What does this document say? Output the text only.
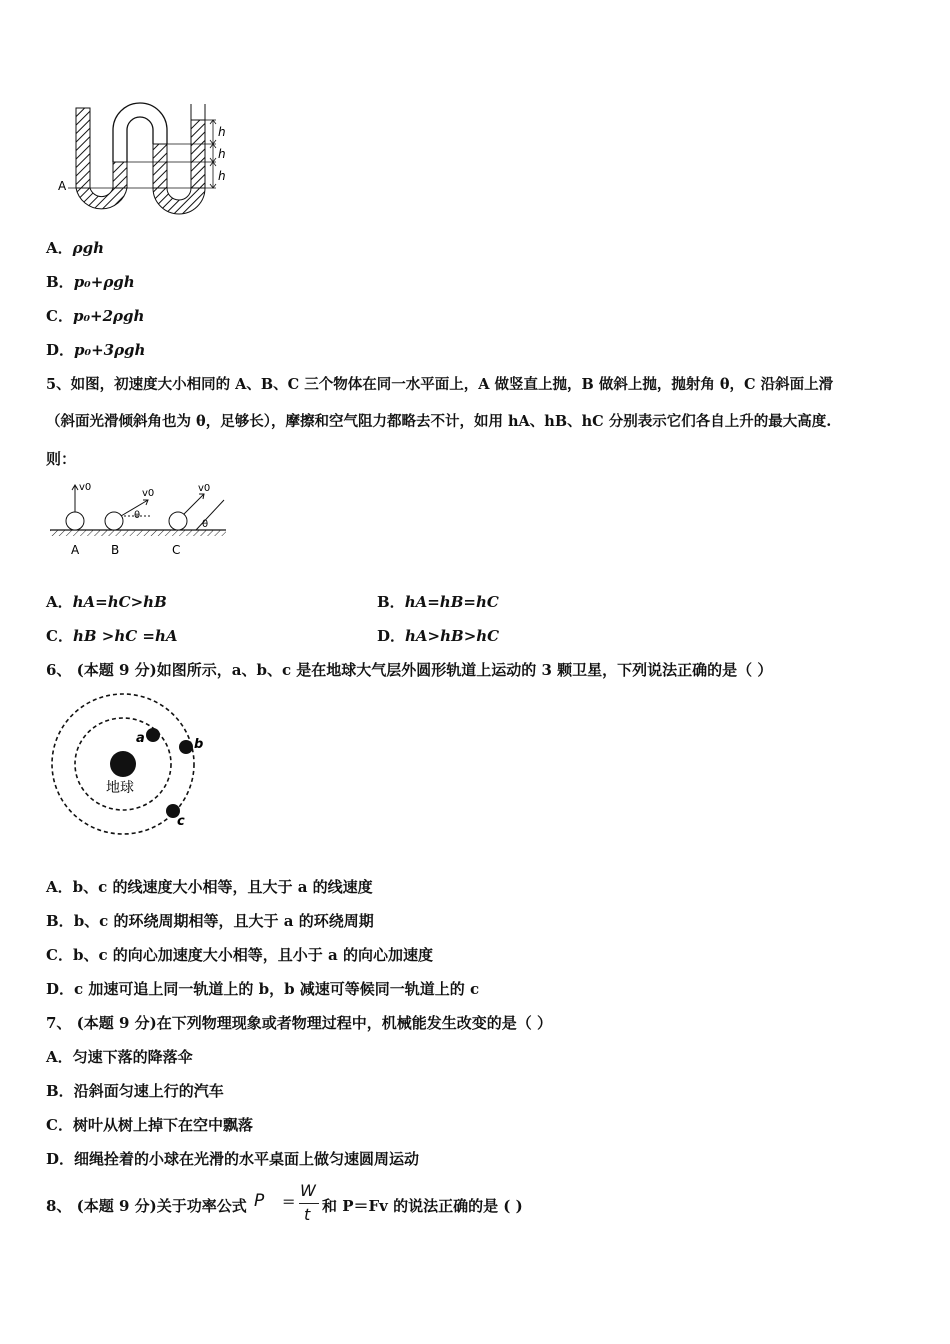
h
h
h
A
A．ρgh
B．p₀+ρgh
C．p₀+2ρgh
D．p₀+3ρgh
5、如图，初速度大小相同的 A、B、C 三个物体在同一水平面上，A 做竖直上抛，B 做斜上抛，抛射角 θ，C 沿斜面上滑
（斜面光滑倾斜角也为 θ，足够长），摩擦和空气阻力都略去不计，如用 hA、hB、hC 分别表示它们各自上升的最大高度.
则：
v0
v0
θ
v0
θ
A	B	C
A．hA=hC>hB	B．hA=hB=hC
C．hB >hC =hA	D．hA>hB>hC
6、 (本题 9 分)如图所示，a、b、c 是在地球大气层外圆形轨道上运动的 3 颗卫星，下列说法正确的是（ ）
地球
a	b
c
A．b、c 的线速度大小相等，且大于 a 的线速度
B．b、c 的环绕周期相等，且大于 a 的环绕周期
C．b、c 的向心加速度大小相等，且小于 a 的向心加速度
D．c 加速可追上同一轨道上的 b，b 减速可等候同一轨道上的 c
7、 (本题 9 分)在下列物理现象或者物理过程中，机械能发生改变的是（ ）
A．匀速下落的降落伞
B．沿斜面匀速上行的汽车
C．树叶从树上掉下在空中飘落
D．细绳拴着的小球在光滑的水平桌面上做匀速圆周运动
8、 (本题 9 分)关于功率公式 P =
W
t 和 P＝Fv 的说法正确的是 ( )
